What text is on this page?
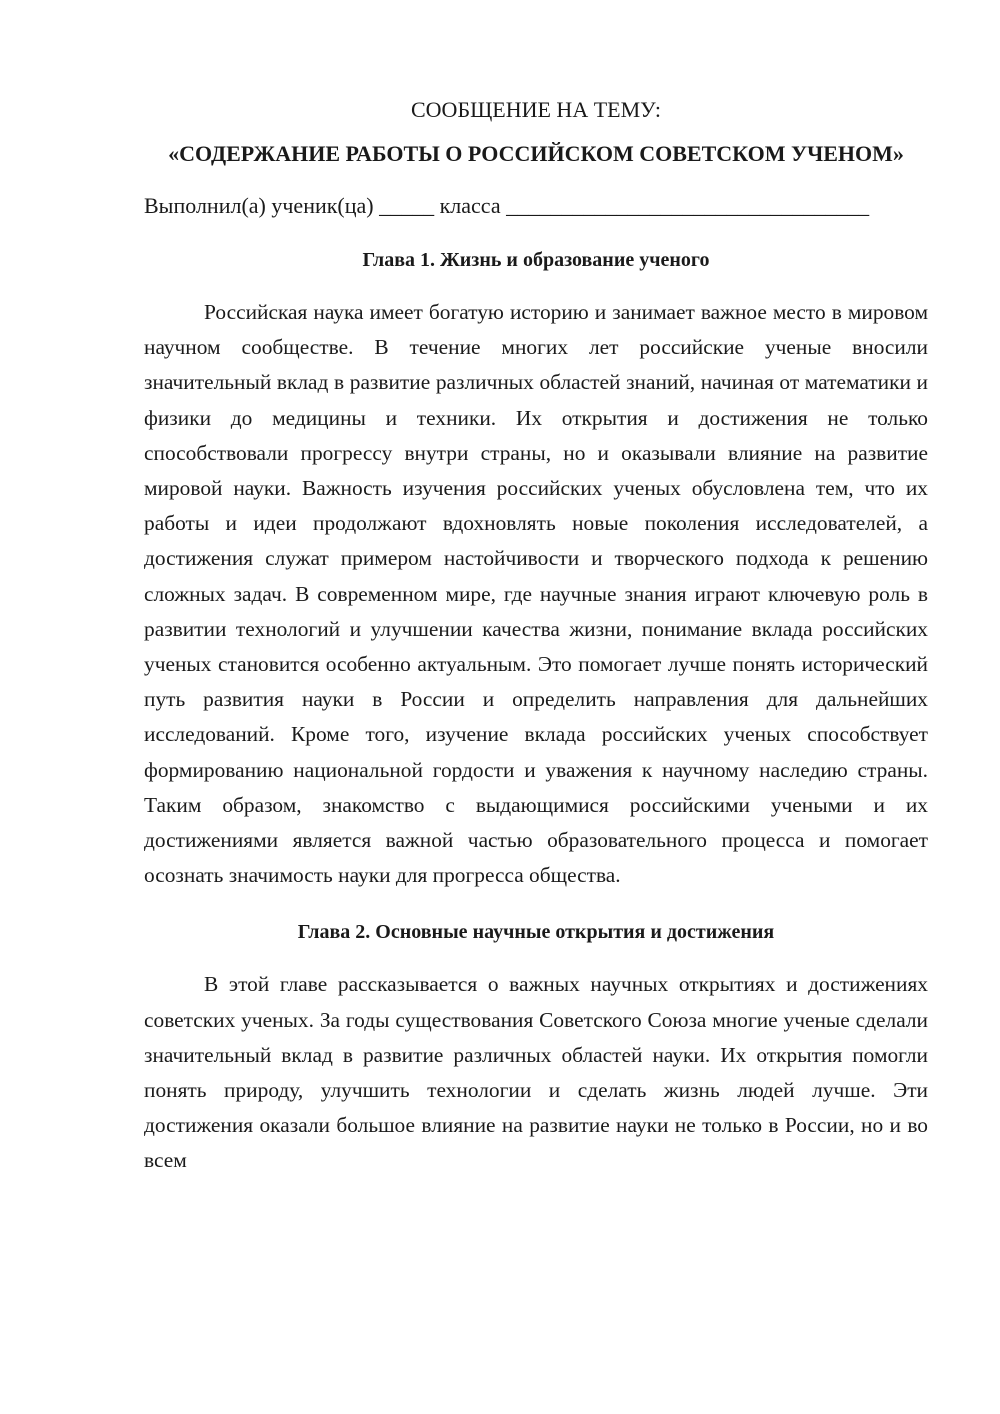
СООБЩЕНИЕ НА ТЕМУ:

«СОДЕРЖАНИЕ РАБОТЫ О РОССИЙСКОМ СОВЕТСКОМ УЧЕНОМ»

Выполнил(а) ученик(ца) _____ класса _________________________________

Глава 1. Жизнь и образование ученого

Российская наука имеет богатую историю и занимает важное место в мировом научном сообществе. В течение многих лет российские ученые вносили значительный вклад в развитие различных областей знаний, начиная от математики и физики до медицины и техники. Их открытия и достижения не только способствовали прогрессу внутри страны, но и оказывали влияние на развитие мировой науки. Важность изучения российских ученых обусловлена тем, что их работы и идеи продолжают вдохновлять новые поколения исследователей, а достижения служат примером настойчивости и творческого подхода к решению сложных задач. В современном мире, где научные знания играют ключевую роль в развитии технологий и улучшении качества жизни, понимание вклада российских ученых становится особенно актуальным. Это помогает лучше понять исторический путь развития науки в России и определить направления для дальнейших исследований. Кроме того, изучение вклада российских ученых способствует формированию национальной гордости и уважения к научному наследию страны. Таким образом, знакомство с выдающимися российскими учеными и их достижениями является важной частью образовательного процесса и помогает осознать значимость науки для прогресса общества.

Глава 2. Основные научные открытия и достижения

В этой главе рассказывается о важных научных открытиях и достижениях советских ученых. За годы существования Советского Союза многие ученые сделали значительный вклад в развитие различных областей науки. Их открытия помогли понять природу, улучшить технологии и сделать жизнь людей лучше. Эти достижения оказали большое влияние на развитие науки не только в России, но и во всем
